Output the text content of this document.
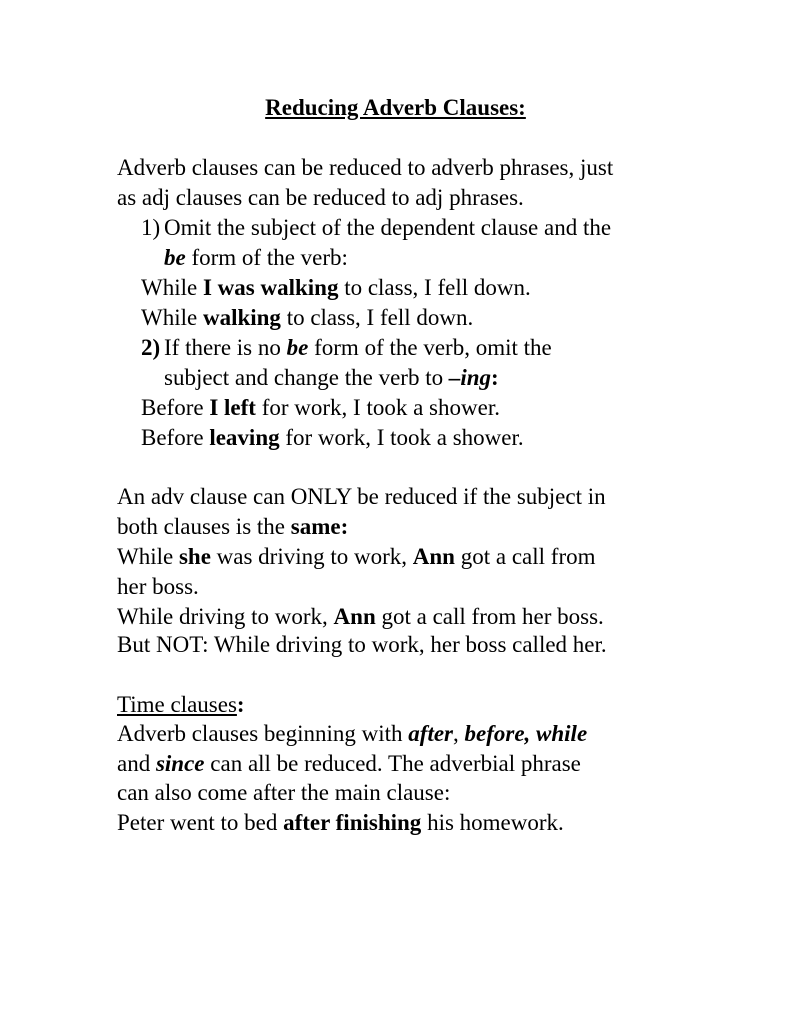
Reducing Adverb Clauses:

Adverb clauses can be reduced to adverb phrases, just

as adj clauses can be reduced to adj phrases.

1) Omit the subject of the dependent clause and the

be form of the verb:

While I was walking to class, I fell down.

While walking to class, I fell down.

2) If there is no be form of the verb, omit the

subject and change the verb to –ing:

Before I left for work, I took a shower.

Before leaving for work, I took a shower.

An adv clause can ONLY be reduced if the subject in

both clauses is the same:

While she was driving to work, Ann got a call from

her boss.

While driving to work, Ann got a call from her boss.

But NOT: While driving to work, her boss called her.

Time clauses:

Adverb clauses beginning with after, before, while

and since can all be reduced. The adverbial phrase

can also come after the main clause:

Peter went to bed after finishing his homework.
